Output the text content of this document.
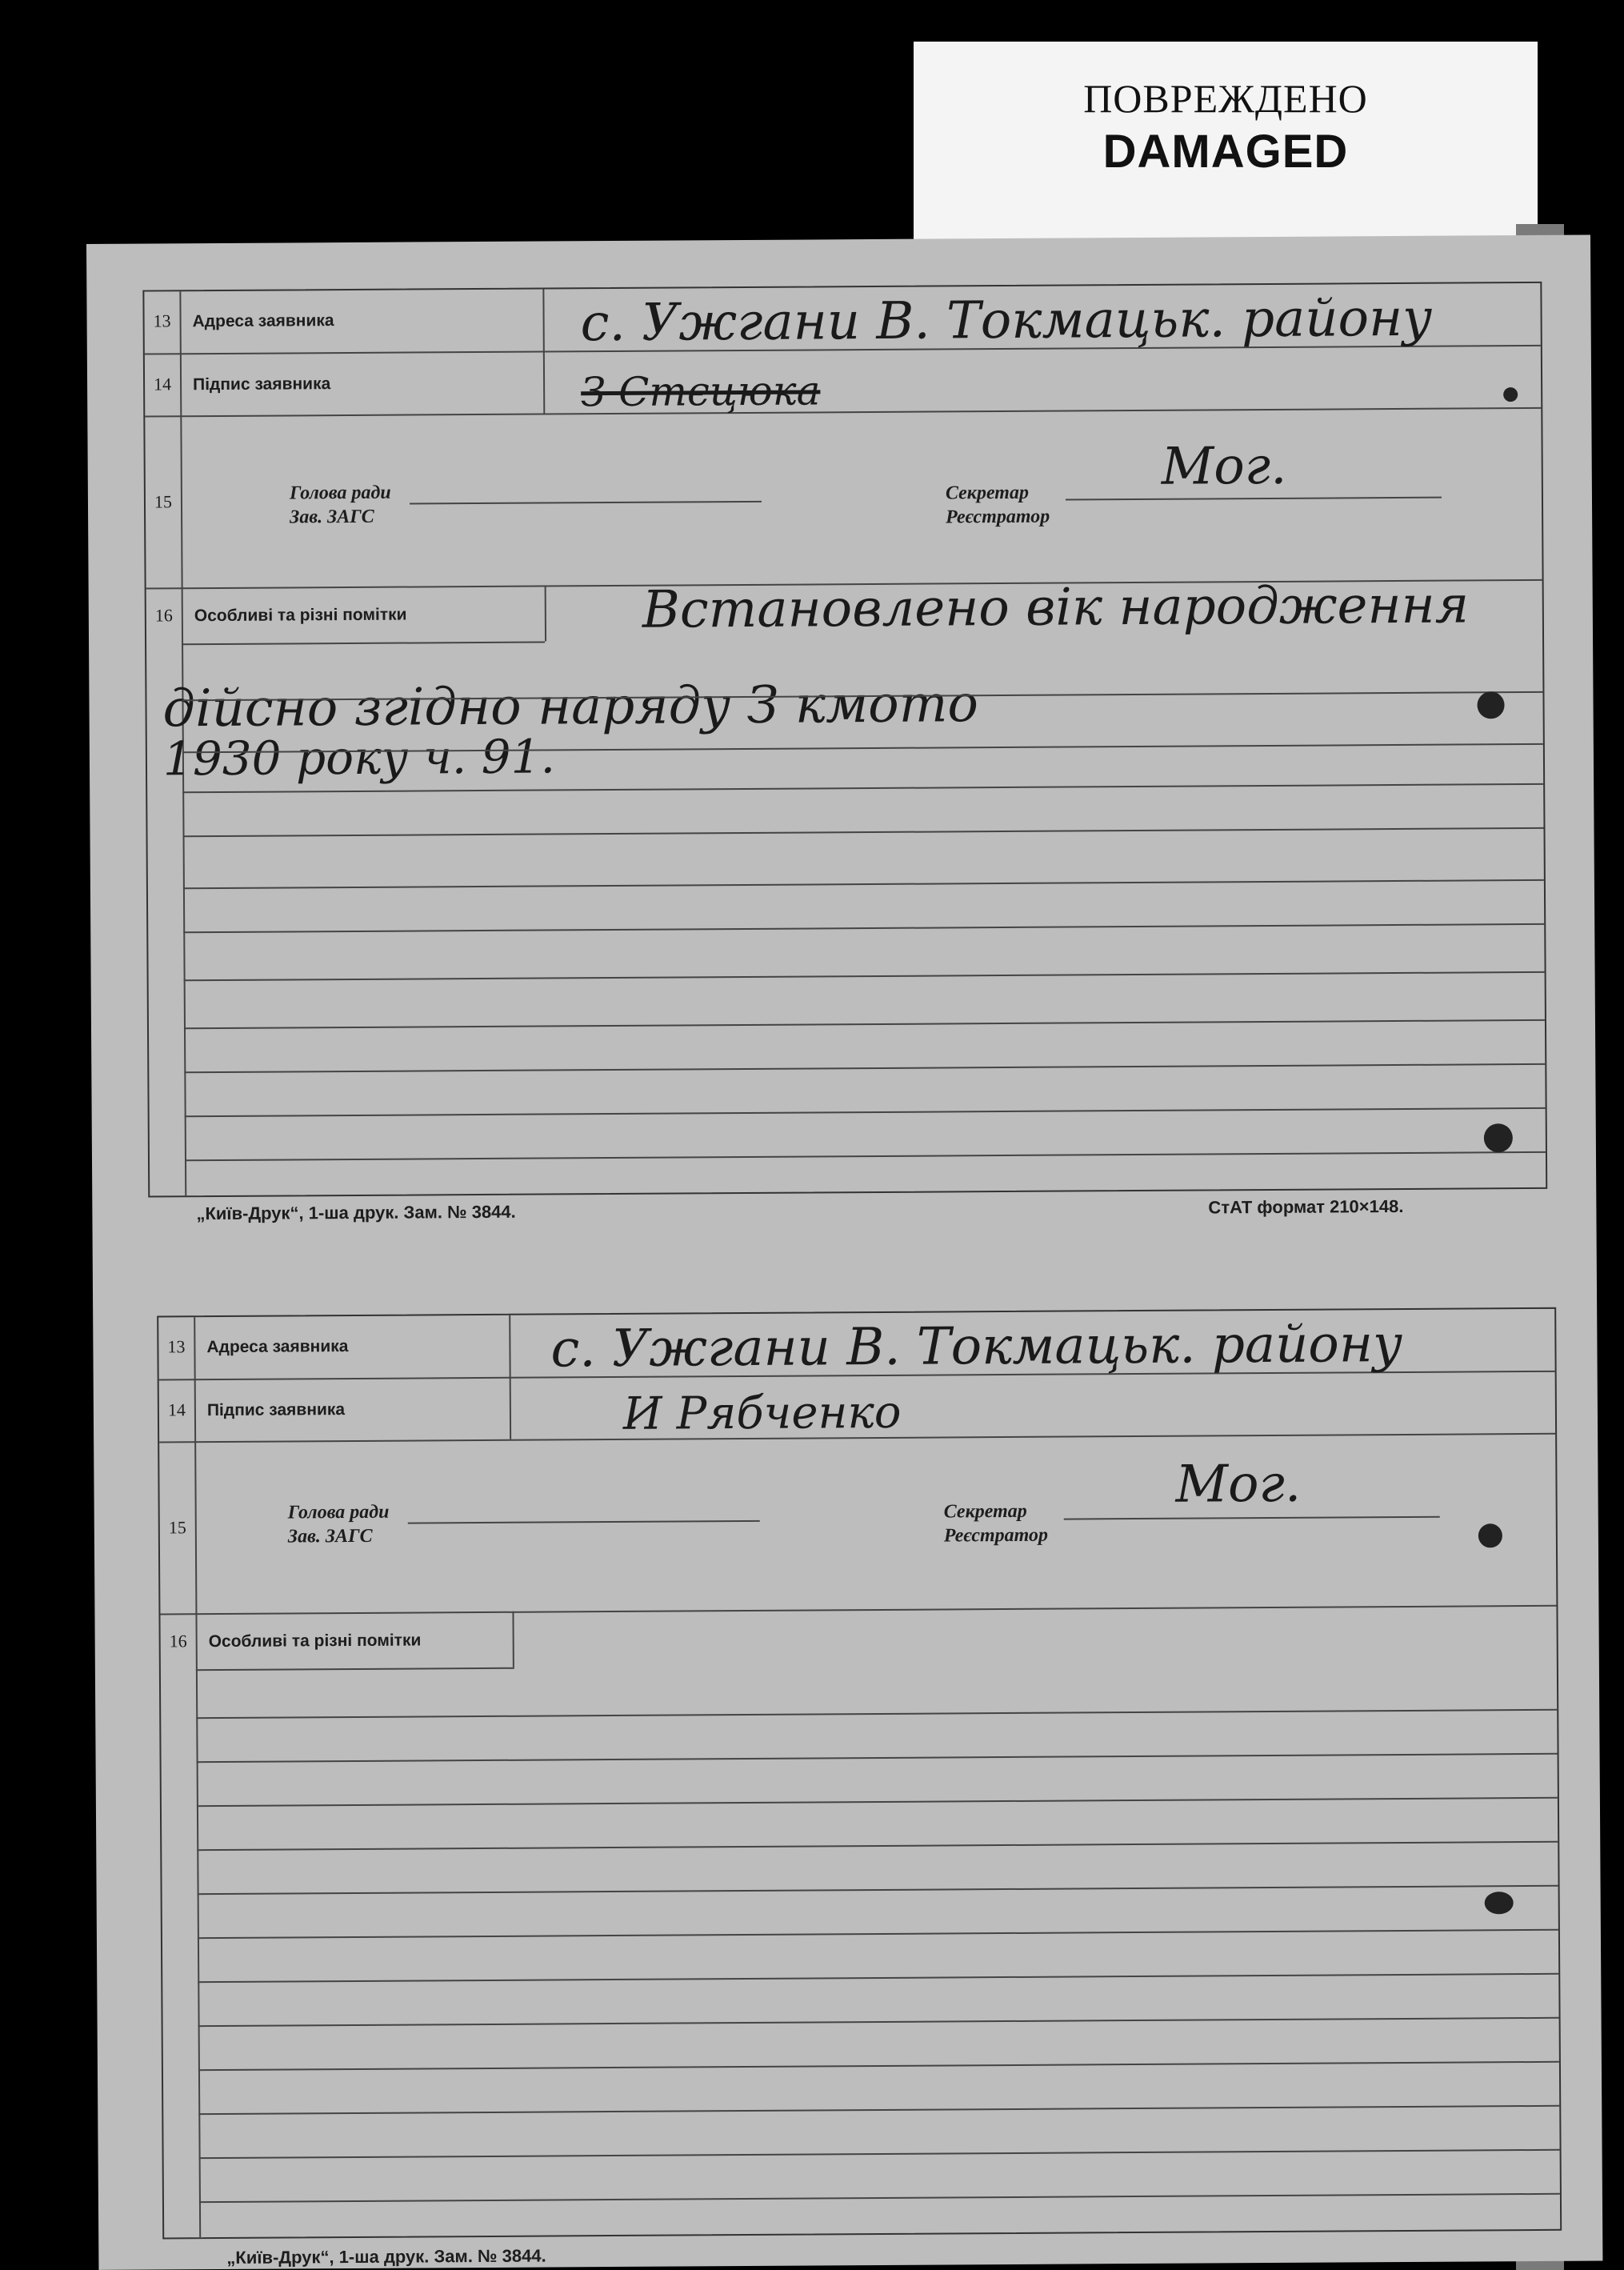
ПОВРЕЖДЕНО
DAMAGED
13 Адреса заявника
14 Підпис заявника
15
16 Особливі та різні помітки
Голова ради
Зав. ЗАГС
Секретар
Реєстратор
с. Ужгани В. Токмацьк. району
З Стєцюка
Мог.
Встановлено вік народження
дійсно згідно наряду З кмото
1930 року ч. 91.
„Київ-Друк“, 1-ша друк. Зам. № 3844.	СтАТ формат 210×148.
13 Адреса заявника
14 Підпис заявника
15
16 Особливі та різні помітки
Голова ради
Зав. ЗАГС
Секретар
Реєстратор
с. Ужгани В. Токмацьк. району
И Рябченко
Мог.
„Київ-Друк“, 1-ша друк. Зам. № 3844.
